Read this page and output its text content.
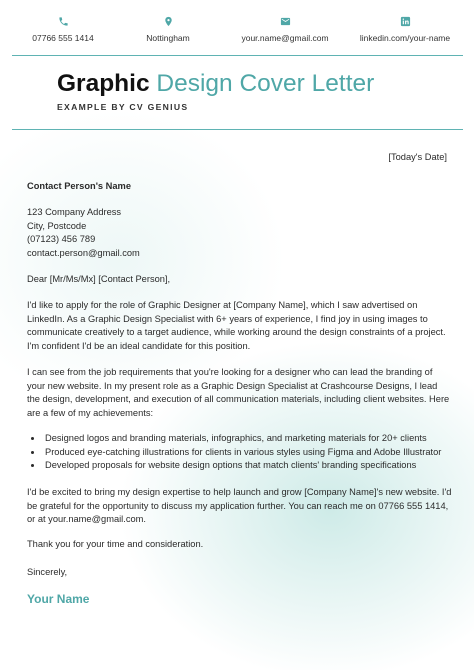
07766 555 1414	Nottingham	your.name@gmail.com	linkedin.com/your-name
Graphic Design Cover Letter
EXAMPLE BY CV GENIUS
[Today's Date]
Contact Person's Name
123 Company Address
City, Postcode
(07123) 456 789
contact.person@gmail.com

Dear [Mr/Ms/Mx] [Contact Person],

I'd like to apply for the role of Graphic Designer at [Company Name], which I saw advertised on LinkedIn. As a Graphic Design Specialist with 6+ years of experience, I find joy in using images to communicate creatively to a target audience, while working around the design constraints of a project. I'm confident I'd be an ideal candidate for this position.

I can see from the job requirements that you're looking for a designer who can lead the branding of your new website. In my present role as a Graphic Design Specialist at Crashcourse Designs, I lead the design, development, and execution of all communication materials, including client websites. Here are a few of my achievements:

• Designed logos and branding materials, infographics, and marketing materials for 20+ clients
• Produced eye-catching illustrations for clients in various styles using Figma and Adobe Illustrator
• Developed proposals for website design options that match clients' branding specifications

I'd be excited to bring my design expertise to help launch and grow [Company Name]'s new website. I'd be grateful for the opportunity to discuss my application further. You can reach me on 07766 555 1414, or at your.name@gmail.com.

Thank you for your time and consideration.

Sincerely,

Your Name
